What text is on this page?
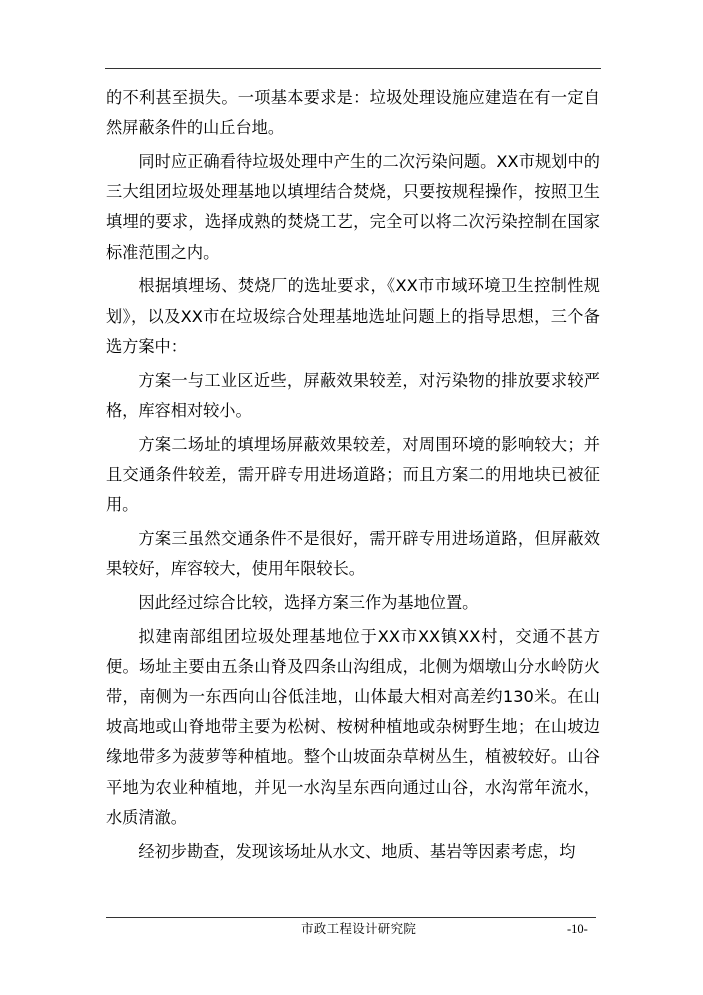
的不利甚至损失。一项基本要求是：垃圾处理设施应建造在有一定自然屏蔽条件的山丘台地。

同时应正确看待垃圾处理中产生的二次污染问题。XX市规划中的三大组团垃圾处理基地以填埋结合焚烧，只要按规程操作，按照卫生填埋的要求，选择成熟的焚烧工艺，完全可以将二次污染控制在国家标准范围之内。

根据填埋场、焚烧厂的选址要求，《XX市市域环境卫生控制性规划》，以及XX市在垃圾综合处理基地选址问题上的指导思想，三个备选方案中：

方案一与工业区近些，屏蔽效果较差，对污染物的排放要求较严格，库容相对较小。

方案二场址的填埋场屏蔽效果较差，对周围环境的影响较大；并且交通条件较差，需开辟专用进场道路；而且方案二的用地块已被征用。

方案三虽然交通条件不是很好，需开辟专用进场道路，但屏蔽效果较好，库容较大，使用年限较长。

因此经过综合比较，选择方案三作为基地位置。

拟建南部组团垃圾处理基地位于XX市XX镇XX村，交通不甚方便。场址主要由五条山脊及四条山沟组成，北侧为烟墩山分水岭防火带，南侧为一东西向山谷低洼地，山体最大相对高差约130米。在山坡高地或山脊地带主要为松树、桉树种植地或杂树野生地；在山坡边缘地带多为菠萝等种植地。整个山坡面杂草树丛生，植被较好。山谷平地为农业种植地，并见一水沟呈东西向通过山谷，水沟常年流水，水质清澈。

经初步勘查，发现该场址从水文、地质、基岩等因素考虑，均

市政工程设计研究院	-10-
